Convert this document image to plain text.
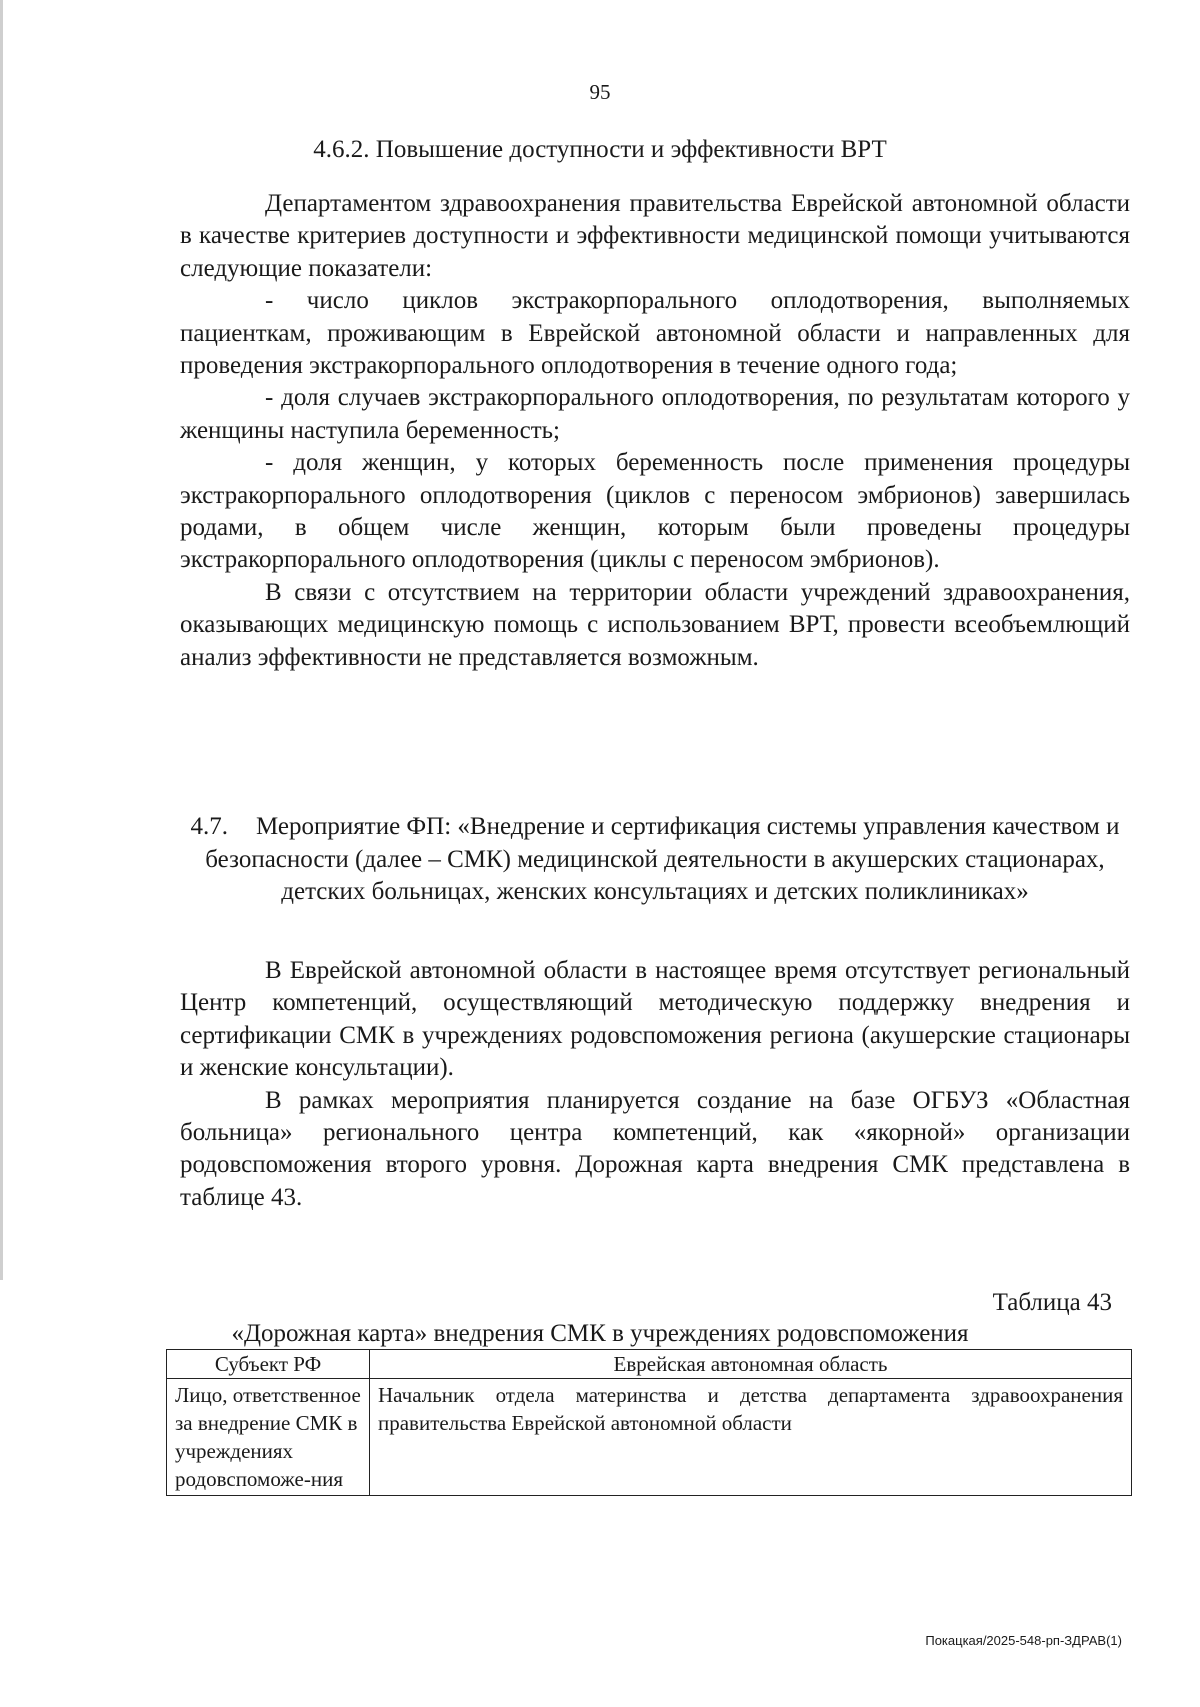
95
4.6.2. Повышение доступности и эффективности ВРТ

Департаментом здравоохранения правительства Еврейской автономной области в качестве критериев доступности и эффективности медицинской помощи учитываются следующие показатели:

- число циклов экстракорпорального оплодотворения, выполняемых пациенткам, проживающим в Еврейской автономной области и направленных для проведения экстракорпорального оплодотворения в течение одного года;

- доля случаев экстракорпорального оплодотворения, по результатам которого у женщины наступила беременность;

- доля женщин, у которых беременность после применения процедуры экстракорпорального оплодотворения (циклов с переносом эмбрионов) завершилась родами, в общем числе женщин, которым были проведены процедуры экстракорпорального оплодотворения (циклы с переносом эмбрионов).

В связи с отсутствием на территории области учреждений здравоохранения, оказывающих медицинскую помощь с использованием ВРТ, провести всеобъемлющий анализ эффективности не представляется возможным.

4.7. Мероприятие ФП: «Внедрение и сертификация системы управления качеством и безопасности (далее – СМК) медицинской деятельности в акушерских стационарах, детских больницах, женских консультациях и детских поликлиниках»

В Еврейской автономной области в настоящее время отсутствует региональный Центр компетенций, осуществляющий методическую поддержку внедрения и сертификации СМК в учреждениях родовспоможения региона (акушерские стационары и женские консультации).

В рамках мероприятия планируется создание на базе ОГБУЗ «Областная больница» регионального центра компетенций, как «якорной» организации родовспоможения второго уровня. Дорожная карта внедрения СМК представлена в таблице 43.

Таблица 43
«Дорожная карта» внедрения СМК в учреждениях родовспоможения
Субъект РФ	Еврейская автономная область
Лицо, ответственное за внедрение СМК в учреждениях родовспоможе-ния	Начальник отдела материнства и детства департамента здравоохранения правительства Еврейской автономной области
Покацкая/2025-548-рп-ЗДРАВ(1)
